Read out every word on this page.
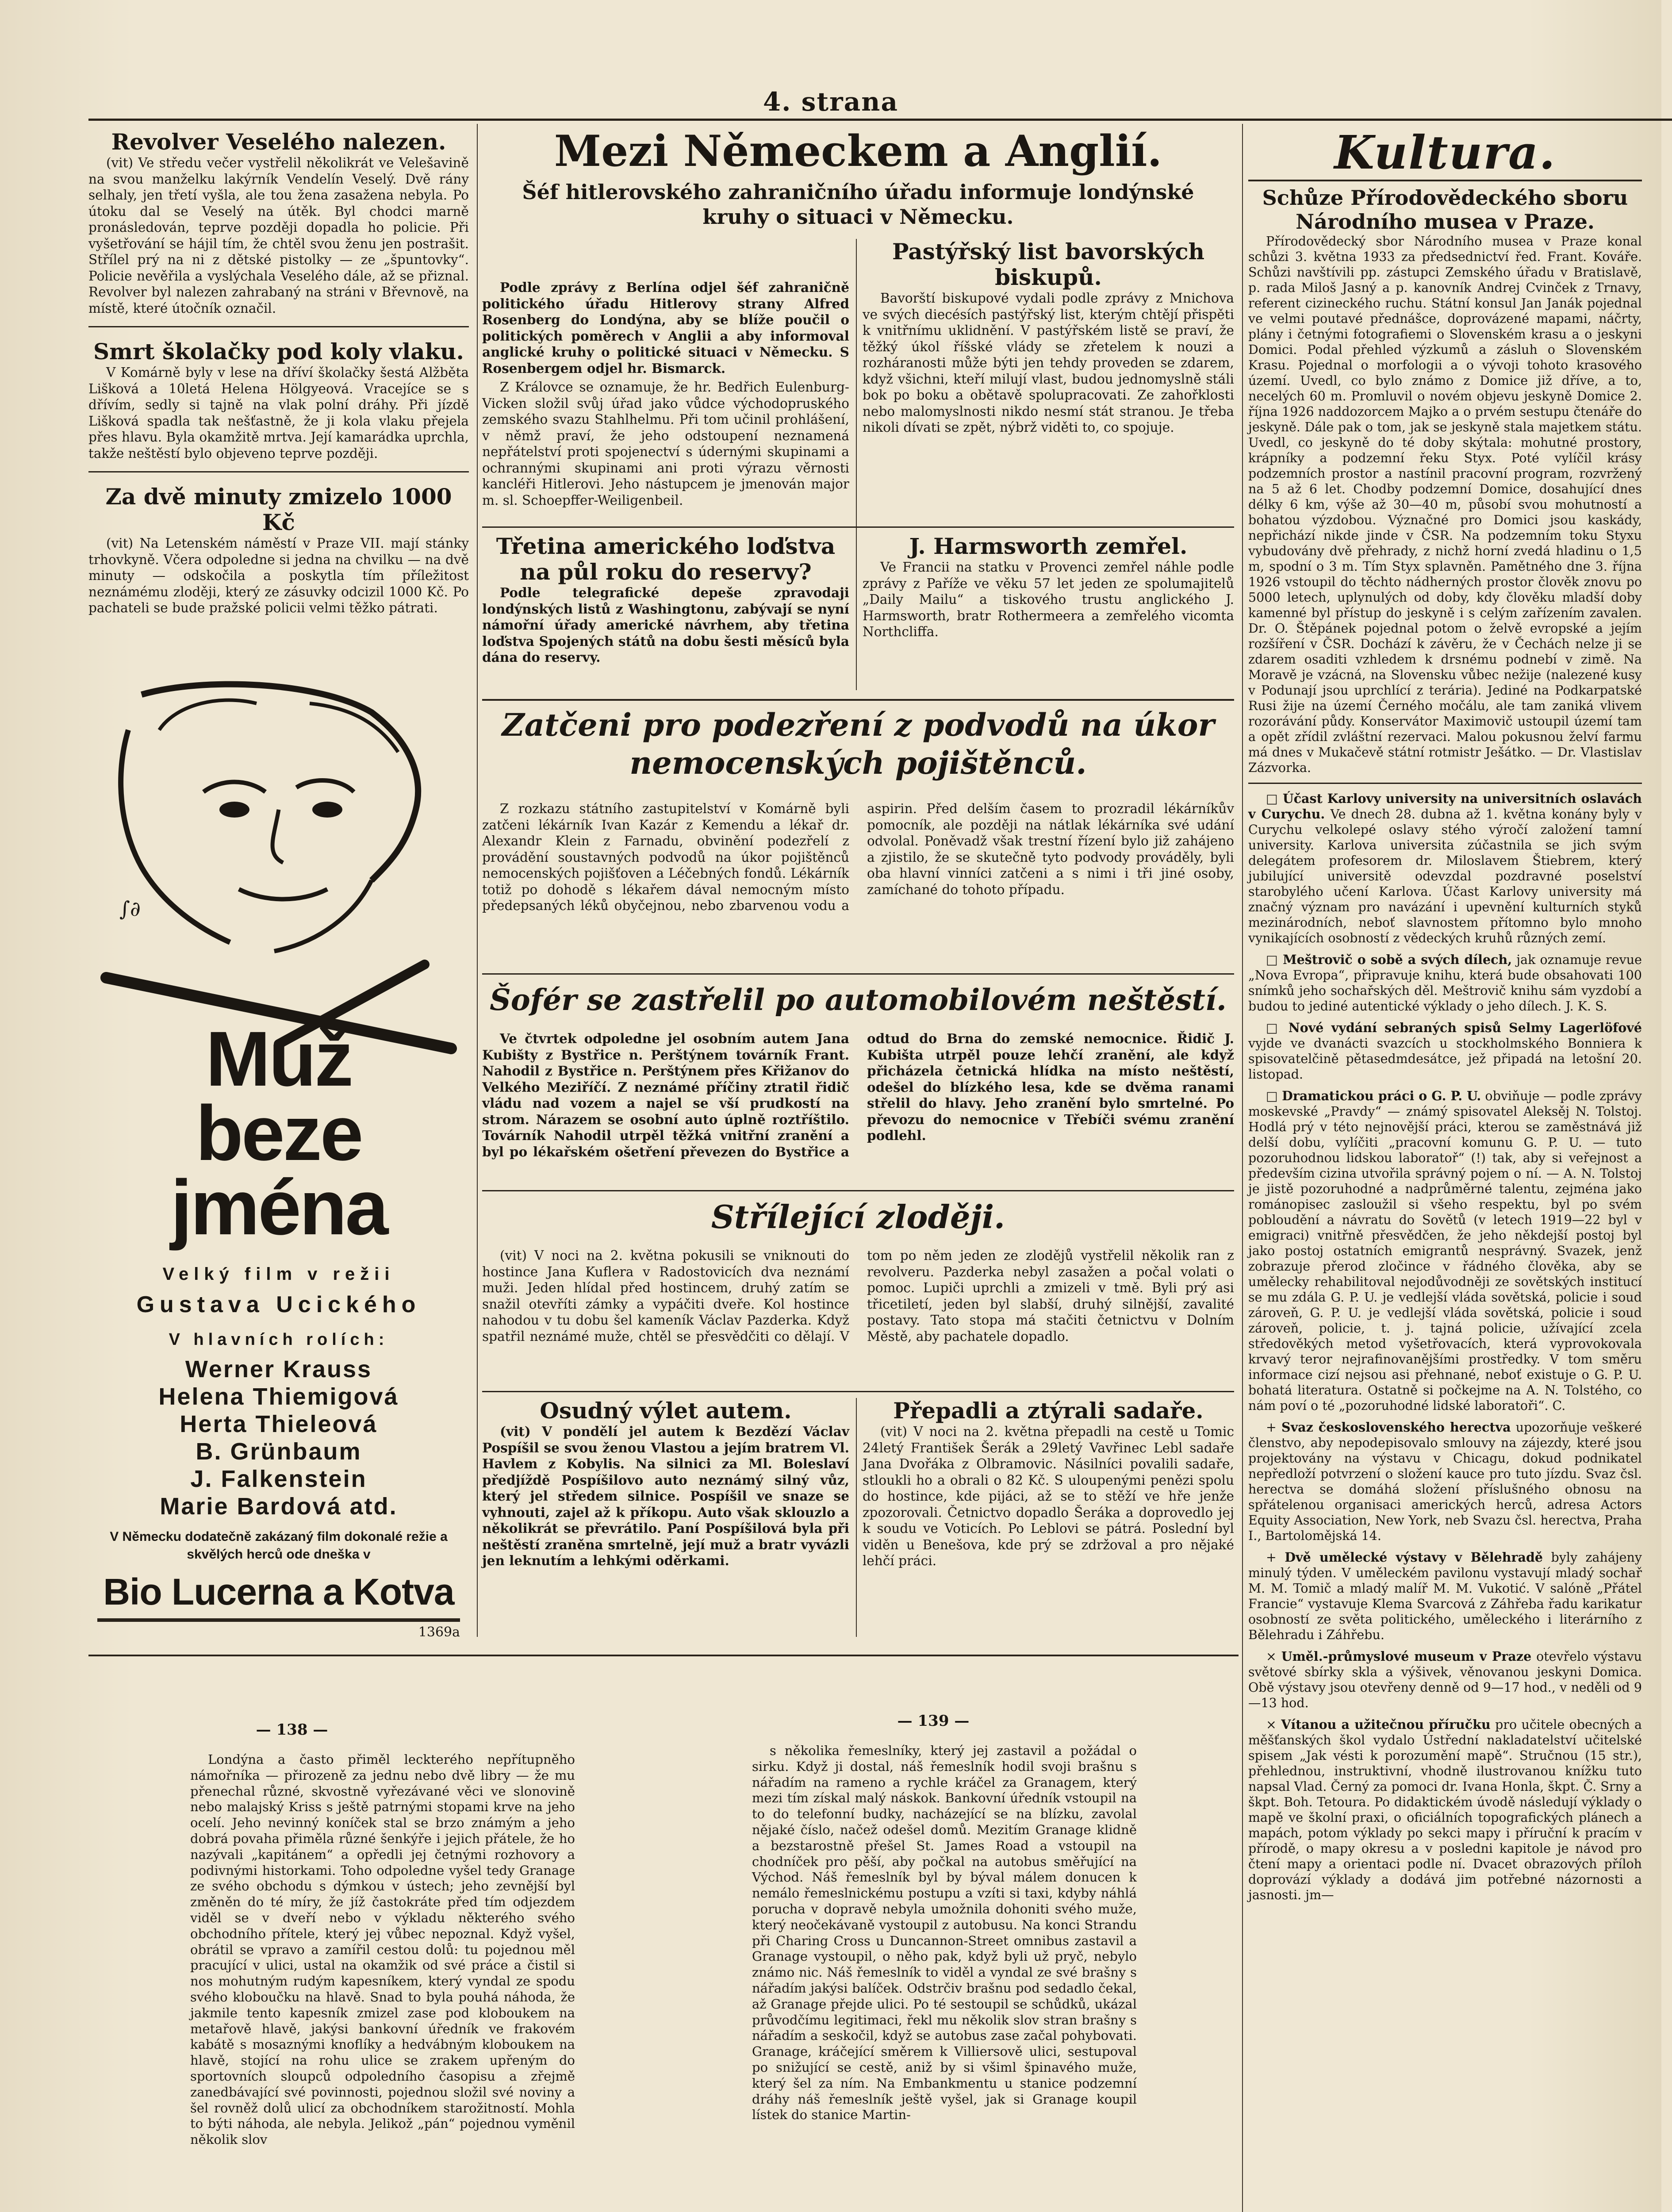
4. strana
Revolver Veselého nalezen.

(vit) Ve středu večer vystřelil několikrát ve Velešavině na svou manželku lakýrník Vendelín Veselý. Dvě rány selhaly, jen třetí vyšla, ale tou žena zasažena nebyla. Po útoku dal se Veselý na útěk. Byl chodci marně pronásledován, teprve později dopadla ho policie. Při vyšetřování se hájil tím, že chtěl svou ženu jen postrašit. Střílel prý na ni z dětské pistolky — ze „špuntovky“. Policie nevěřila a vyslýchala Veselého dále, až se přiznal. Revolver byl nalezen zahrabaný na stráni v Břevnově, na místě, které útočník označil.

Smrt školačky pod koly vlaku.

V Komárně byly v lese na dříví školačky šestá Alžběta Lišková a 10letá Helena Hölgyeová. Vracejíce se s dřívím, sedly si tajně na vlak polní dráhy. Při jízdě Lišková spadla tak nešťastně, že ji kola vlaku přejela přes hlavu. Byla okamžitě mrtva. Její kamarádka uprchla, takže neštěstí bylo objeveno teprve později.

Za dvě minuty zmizelo 1000 Kč

(vit) Na Letenském náměstí v Praze VII. mají stánky trhovkyně. Včera odpoledne si jedna na chvilku — na dvě minuty — odskočila a poskytla tím příležitost neznámému zloději, který ze zásuvky odcizil 1000 Kč. Po pachateli se bude pražské policii velmi těžko pátrati.

∫∂
Muž
beze jména
Velký film v režii
Gustava Ucického
V hlavních rolích:
Werner Krauss
Helena Thiemigová
Herta Thieleová
B. Grünbaum
J. Falkenstein
Marie Bardová atd.
V Německu dodatečně zakázaný film dokonalé režie a skvělých herců ode dneška v
Bio Lucerna a Kotva
1369a
Mezi Německem a Anglií.
Šéf hitlerovského zahraničního úřadu informuje londýnské kruhy o situaci v Německu.

Podle zprávy z Berlína odjel šéf zahraničně politického úřadu Hitlerovy strany Alfred Rosenberg do Londýna, aby se blíže poučil o politických poměrech v Anglii a aby informoval anglické kruhy o politické situaci v Německu. S Rosenbergem odjel hr. Bismarck.

Z Královce se oznamuje, že hr. Bedřich Eulenburg-Vicken složil svůj úřad jako vůdce východopruského zemského svazu Stahlhelmu. Při tom učinil prohlášení, v němž praví, že jeho odstoupení neznamená nepřátelství proti spojenectví s údernými skupinami a ochrannými skupinami ani proti výrazu věrnosti kancléři Hitlerovi. Jeho nástupcem je jmenován major m. sl. Schoepffer-Weiligenbeil.

Pastýřský list bavorských biskupů.

Bavorští biskupové vydali podle zprávy z Mnichova ve svých diecésích pastýřský list, kterým chtějí přispěti k vnitřnímu uklidnění. V pastýřském listě se praví, že těžký úkol říšské vlády se zřetelem k nouzi a rozháranosti může býti jen tehdy proveden se zdarem, když všichni, kteří milují vlast, budou jednomyslně stáli bok po boku a obětavě spolupracovati. Ze zahořklosti nebo malomyslnosti nikdo nesmí stát stranou. Je třeba nikoli dívati se zpět, nýbrž viděti to, co spojuje.

Třetina amerického loďstva na půl roku do reservy?

Podle telegrafické depeše zpravodaji londýnských listů z Washingtonu, zabývají se nyní námořní úřady americké návrhem, aby třetina loďstva Spojených států na dobu šesti měsíců byla dána do reservy.

J. Harmsworth zemřel.

Ve Francii na statku v Provenci zemřel náhle podle zprávy z Paříže ve věku 57 let jeden ze spolumajitelů „Daily Mailu“ a tiskového trustu anglického J. Harmsworth, bratr Rothermeera a zemřelého vicomta Northcliffa.

Zatčeni pro podezření z podvodů na úkor nemocenských pojištěnců.

Z rozkazu státního zastupitelství v Komárně byli zatčeni lékárník Ivan Kazár z Kemendu a lékař dr. Alexandr Klein z Farnadu, obvinění podezřelí z provádění soustavných podvodů na úkor pojištěnců nemocenských pojišťoven a Léčebných fondů. Lékárník totiž po dohodě s lékařem dával nemocným místo předepsaných léků obyčejnou, nebo zbarvenou vodu a aspirin. Před delším časem to prozradil lékárníkův pomocník, ale později na nátlak lékárníka své udání odvolal. Poněvadž však trestní řízení bylo již zahájeno a zjistilo, že se skutečně tyto podvody prováděly, byli oba hlavní vinníci zatčeni a s nimi i tři jiné osoby, zamíchané do tohoto případu.

Šofér se zastřelil po automobilovém neštěstí.

Ve čtvrtek odpoledne jel osobním autem Jana Kubišty z Bystřice n. Perštýnem továrník Frant. Nahodil z Bystřice n. Perštýnem přes Křižanov do Velkého Meziříčí. Z neznámé příčiny ztratil řidič vládu nad vozem a najel se vší prudkostí na strom. Nárazem se osobní auto úplně roztříštilo. Továrník Nahodil utrpěl těžká vnitřní zranění a byl po lékařském ošetření převezen do Bystřice a odtud do Brna do zemské nemocnice. Řidič J. Kubišta utrpěl pouze lehčí zranění, ale když přicházela četnická hlídka na místo neštěstí, odešel do blízkého lesa, kde se dvěma ranami střelil do hlavy. Jeho zranění bylo smrtelné. Po převozu do nemocnice v Třebíči svému zranění podlehl.

Střílející zloději.

(vit) V noci na 2. května pokusili se vniknouti do hostince Jana Kuflera v Radostovicích dva neznámí muži. Jeden hlídal před hostincem, druhý zatím se snažil otevříti zámky a vypáčiti dveře. Kol hostince nahodou v tu dobu šel kameník Václav Pazderka. Když spatřil neznámé muže, chtěl se přesvědčiti co dělají. V tom po něm jeden ze zlodějů vystřelil několik ran z revolveru. Pazderka nebyl zasažen a počal volati o pomoc. Lupiči uprchli a zmizeli v tmě. Byli prý asi třicetiletí, jeden byl slabší, druhý silnější, zavalité postavy. Tato stopa má stačiti četnictvu v Dolním Městě, aby pachatele dopadlo.

Osudný výlet autem.

(vit) V pondělí jel autem k Bezdězí Václav Pospíšil se svou ženou Vlastou a jejím bratrem Vl. Havlem z Kobylis. Na silnici za Ml. Boleslaví předjíždě Pospíšilovo auto neznámý silný vůz, který jel středem silnice. Pospíšil ve snaze se vyhnouti, zajel až k příkopu. Auto však sklouzlo a několikrát se převrátilo. Paní Pospíšilová byla při neštěstí zraněna smrtelně, její muž a bratr vyvázli jen leknutím a lehkými oděrkami.

Přepadli a ztýrali sadaře.

(vit) V noci na 2. května přepadli na cestě u Tomic 24letý František Šerák a 29letý Vavřinec Lebl sadaře Jana Dvořáka z Olbramovic. Násilníci povalili sadaře, stloukli ho a obrali o 82 Kč. S uloupenými penězi spolu do hostince, kde pijáci, až se to stěží ve hře jenže zpozorovali. Četnictvo dopadlo Šeráka a doprovedlo jej k soudu ve Voticích. Po Leblovi se pátrá. Poslední byl viděn u Benešova, kde prý se zdržoval a pro nějaké lehčí práci.

— 138 —	— 139 —

Londýna a často přiměl leckterého nepřítupněho námořníka — přirozeně za jednu nebo dvě libry — že mu přenechal různé, skvostně vyřezávané věci ve slonovině nebo malajský Kriss s ještě patrnými stopami krve na jeho ocelí. Jeho nevinný koníček stal se brzo známým a jeho dobrá povaha přiměla různé šenkýře i jejich přátele, že ho nazývali „kapitánem“ a opředli jej četnými rozhovory a podivnými historkami. Toho odpoledne vyšel tedy Granage ze svého obchodu s dýmkou v ústech; jeho zevnější byl změněn do té míry, že jíž častokráte před tím odjezdem viděl se v dveří nebo v výkladu některého svého obchodního přítele, který jej vůbec nepoznal. Když vyšel, obrátil se vpravo a zamířil cestou dolů: tu pojednou měl pracující v ulici, ustal na okamžik od své práce a čistil si nos mohutným rudým kapesníkem, který vyndal ze spodu svého kloboučku na hlavě. Snad to byla pouhá náhoda, že jakmile tento kapesník zmizel zase pod kloboukem na metařově hlavě, jakýsi bankovní úředník ve frakovém kabátě s mosaznými knoflíky a hedvábným kloboukem na hlavě, stojící na rohu ulice se zrakem upřeným do sportovních sloupců odpoledního časopisu a zřejmě zanedbávající své povinnosti, pojednou složil své noviny a šel rovněž dolů ulicí za obchodníkem starožitností. Mohla to býti náhoda, ale nebyla. Jelikož „pán“ pojednou vyměnil několik slov

s několika řemeslníky, který jej zastavil a požádal o sirku. Když ji dostal, náš řemeslník hodil svoji brašnu s nářadím na rameno a rychle kráčel za Granagem, který mezi tím získal malý náskok. Bankovní úředník vstoupil na to do telefonní budky, nacházející se na blízku, zavolal nějaké číslo, načež odešel domů. Mezitím Granage klidně a bezstarostně přešel St. James Road a vstoupil na chodníček pro pěší, aby počkal na autobus směřující na Východ. Náš řemeslník byl by býval málem donucen k nemálo řemeslnickému postupu a vzíti si taxi, kdyby náhlá porucha v dopravě nebyla umožnila dohoniti svého muže, který neočekávaně vystoupil z autobusu. Na konci Strandu při Charing Cross u Duncannon-Street omnibus zastavil a Granage vystoupil, o něho pak, když byli už pryč, nebylo známo nic. Náš řemeslník to viděl a vyndal ze své brašny s nářadím jakýsi balíček. Odstrčiv brašnu pod sedadlo čekal, až Granage přejde ulici. Po té sestoupil se schůdků, ukázal průvodčímu legitimaci, řekl mu několik slov stran brašny s nářadím a seskočil, když se autobus zase začal pohybovati. Granage, kráčející směrem k Villiersově ulici, sestupoval po snižující se cestě, aniž by si všiml špinavého muže, který šel za ním. Na Embankmentu u stanice podzemní dráhy náš řemeslník ještě vyšel, jak si Granage koupil lístek do stanice Martin-

Kultura.
Schůze Přírodovědeckého sboru Národního musea v Praze.

Přírodovědecký sbor Národního musea v Praze konal schůzi 3. května 1933 za předsednictví řed. Frant. Kováře. Schůzi navštívili pp. zástupci Zemského úřadu v Bratislavě, p. rada Miloš Jasný a p. kanovník Andrej Cvinček z Trnavy, referent cizineckého ruchu. Státní konsul Jan Janák pojednal ve velmi poutavé přednášce, doprovázené mapami, náčrty, plány i četnými fotografiemi o Slovenském krasu a o jeskyni Domici. Podal přehled výzkumů a zásluh o Slovenském Krasu. Pojednal o morfologii a o vývoji tohoto krasového území. Uvedl, co bylo známo z Domice již dříve, a to, necelých 60 m. Promluvil o novém objevu jeskyně Domice 2. října 1926 naddozorcem Majko a o prvém sestupu čtenáře do jeskyně. Dále pak o tom, jak se jeskyně stala majetkem státu. Uvedl, co jeskyně do té doby skýtala: mohutné prostory, krápníky a podzemní řeku Styx. Poté vylíčil krásy podzemních prostor a nastínil pracovní program, rozvržený na 5 až 6 let. Chodby podzemní Domice, dosahující dnes délky 6 km, výše až 30—40 m, působí svou mohutností a bohatou výzdobou. Význačné pro Domici jsou kaskády, nepřichází nikde jinde v ČSR. Na podzemním toku Styxu vybudovány dvě přehrady, z nichž horní zvedá hladinu o 1,5 m, spodní o 3 m. Tím Styx splavněn. Pamětného dne 3. října 1926 vstoupil do těchto nádherných prostor člověk znovu po 5000 letech, uplynulých od doby, kdy člověku mladší doby kamenné byl přístup do jeskyně i s celým zařízením zavalen. Dr. O. Štěpánek pojednal potom o želvě evropské a jejím rozšíření v ČSR. Dochází k závěru, že v Čechách nelze ji se zdarem osaditi vzhledem k drsnému podnebí v zimě. Na Moravě je vzácná, na Slovensku vůbec nežije (nalezené kusy v Podunají jsou uprchlící z terária). Jediné na Podkarpatské Rusi žije na území Černého močálu, ale tam zaniká vlivem rozorávání půdy. Konservátor Maximovič ustoupil území tam a opět zřídil zvláštní rezervaci. Malou pokusnou želví farmu má dnes v Mukačevě státní rotmistr Ješátko. — Dr. Vlastislav Zázvorka.

□ Účast Karlovy university na universitních oslavách v Curychu. Ve dnech 28. dubna až 1. května konány byly v Curychu velkolepé oslavy stého výročí založení tamní university. Karlova universita zúčastnila se jich svým delegátem profesorem dr. Miloslavem Štiebrem, který jubilující universitě odevzdal pozdravné poselství starobylého učení Karlova. Účast Karlovy university má značný význam pro navázání i upevnění kulturních styků mezinárodních, neboť slavnostem přítomno bylo mnoho vynikajících osobností z vědeckých kruhů různých zemí.

□ Meštrovič o sobě a svých dílech, jak oznamuje revue „Nova Evropa“, připravuje knihu, která bude obsahovati 100 snímků jeho sochařských děl. Meštrovič knihu sám vyzdobí a budou to jediné autentické výklady o jeho dílech. J. K. S.

□ Nové vydání sebraných spisů Selmy Lagerlöfové vyjde ve dvanácti svazcích u stockholmského Bonniera k spisovatelčině pětasedmdesátce, jež připadá na letošní 20. listopad.

□ Dramatickou práci o G. P. U. obviňuje — podle zprávy moskevské „Pravdy“ — známý spisovatel Aleksěj N. Tolstoj. Hodlá prý v této nejnovější práci, kterou se zaměstnává již delší dobu, vylíčiti „pracovní komunu G. P. U. — tuto pozoruhodnou lidskou laboratoř“ (!) tak, aby si veřejnost a především cizina utvořila správný pojem o ní. — A. N. Tolstoj je jistě pozoruhodné a nadprůměrné talentu, zejména jako románopisec zasloužil si všeho respektu, byl po svém pobloudění a návratu do Sovětů (v letech 1919—22 byl v emigraci) vnitřně přesvědčen, že jeho někdejší postoj byl jako postoj ostatních emigrantů nesprávný. Svazek, jenž zobrazuje přerod zločince v řádného člověka, aby se umělecky rehabilitoval nejodůvodněji ze sovětských institucí se mu zdála G. P. U. je vedlejší vláda sovětská, policie i soud zároveň, G. P. U. je vedlejší vláda sovětská, policie i soud zároveň, policie, t. j. tajná policie, užívající zcela středověkých metod vyšetřovacích, která vyprovokovala krvavý teror nejrafinovanějšími prostředky. V tom směru informace cizí nejsou asi přehnané, neboť existuje o G. P. U. bohatá literatura. Ostatně si počkejme na A. N. Tolstého, co nám poví o té „pozoruhodné lidské laboratoři“. C.

+ Svaz československého herectva upozorňuje veškeré členstvo, aby nepodepisovalo smlouvy na zájezdy, které jsou projektovány na výstavu v Chicagu, dokud podnikatel nepředloží potvrzení o složení kauce pro tuto jízdu. Svaz čsl. herectva se domáhá složení příslušného obnosu na spřátelenou organisaci amerických herců, adresa Actors Equity Association, New York, neb Svazu čsl. herectva, Praha I., Bartolomějská 14.

+ Dvě umělecké výstavy v Bělehradě byly zahájeny minulý týden. V uměleckém pavilonu vystavují mladý sochař M. M. Tomič a mladý malíř M. M. Vukotić. V salóně „Přátel Francie“ vystavuje Klema Svarcová z Záhřeba řadu karikatur osobností ze světa politického, uměleckého i literárního z Bělehradu i Záhřebu.

× Uměl.-průmyslové museum v Praze otevřelo výstavu světové sbírky skla a výšivek, věnovanou jeskyni Domica. Obě výstavy jsou otevřeny denně od 9—17 hod., v neděli od 9—13 hod.

× Vítanou a užitečnou příručku pro učitele obecných a měšťanských škol vydalo Ústřední nakladatelství učitelské spisem „Jak vésti k porozumění mapě“. Stručnou (15 str.), přehlednou, instruktivní, vhodně ilustrovanou knížku tuto napsal Vlad. Černý za pomoci dr. Ivana Honla, škpt. Č. Srny a škpt. Boh. Tetoura. Po didaktickém úvodě následují výklady o mapě ve školní praxi, o oficiálních topografických plánech a mapách, potom výklady po sekci mapy i příruční k pracím v přírodě, o mapy okresu a v posledni kapitole je návod pro čtení mapy a orientaci podle ní. Dvacet obrazových příloh doprovází výklady a dodává jim potřebné názornosti a jasnosti. jm—
